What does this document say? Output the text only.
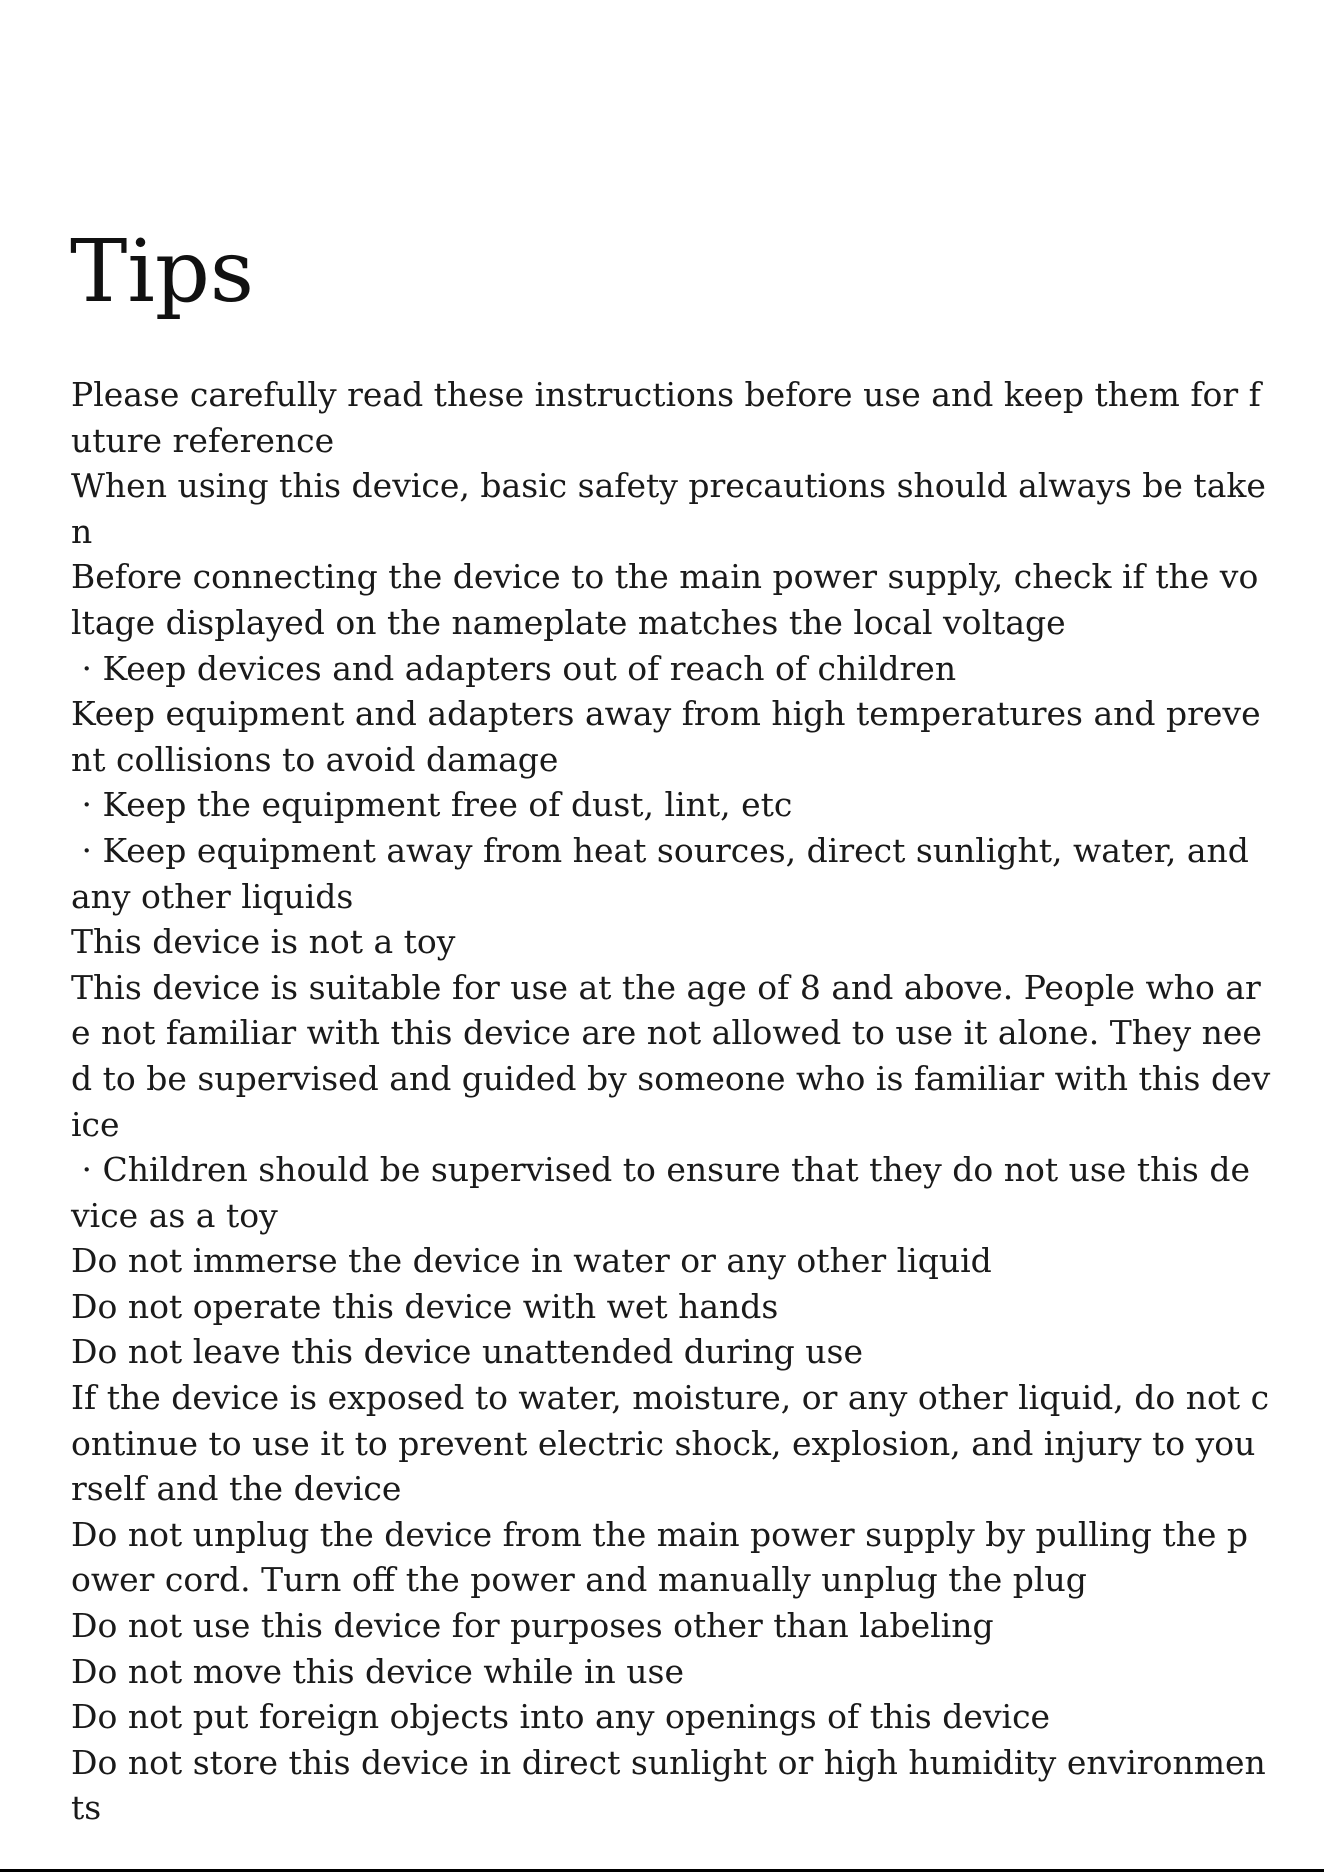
Tips
Please carefully read these instructions before use and keep them for f
uture reference
When using this device, basic safety precautions should always be take
n
Before connecting the device to the main power supply, check if the vo
ltage displayed on the nameplate matches the local voltage
· Keep devices and adapters out of reach of children
Keep equipment and adapters away from high temperatures and preve
nt collisions to avoid damage
· Keep the equipment free of dust, lint, etc
· Keep equipment away from heat sources, direct sunlight, water, and
any other liquids
This device is not a toy
This device is suitable for use at the age of 8 and above. People who ar
e not familiar with this device are not allowed to use it alone. They nee
d to be supervised and guided by someone who is familiar with this dev
ice
· Children should be supervised to ensure that they do not use this de
vice as a toy
Do not immerse the device in water or any other liquid
Do not operate this device with wet hands
Do not leave this device unattended during use
If the device is exposed to water, moisture, or any other liquid, do not c
ontinue to use it to prevent electric shock, explosion, and injury to you
rself and the device
Do not unplug the device from the main power supply by pulling the p
ower cord. Turn off the power and manually unplug the plug
Do not use this device for purposes other than labeling
Do not move this device while in use
Do not put foreign objects into any openings of this device
Do not store this device in direct sunlight or high humidity environmen
ts
